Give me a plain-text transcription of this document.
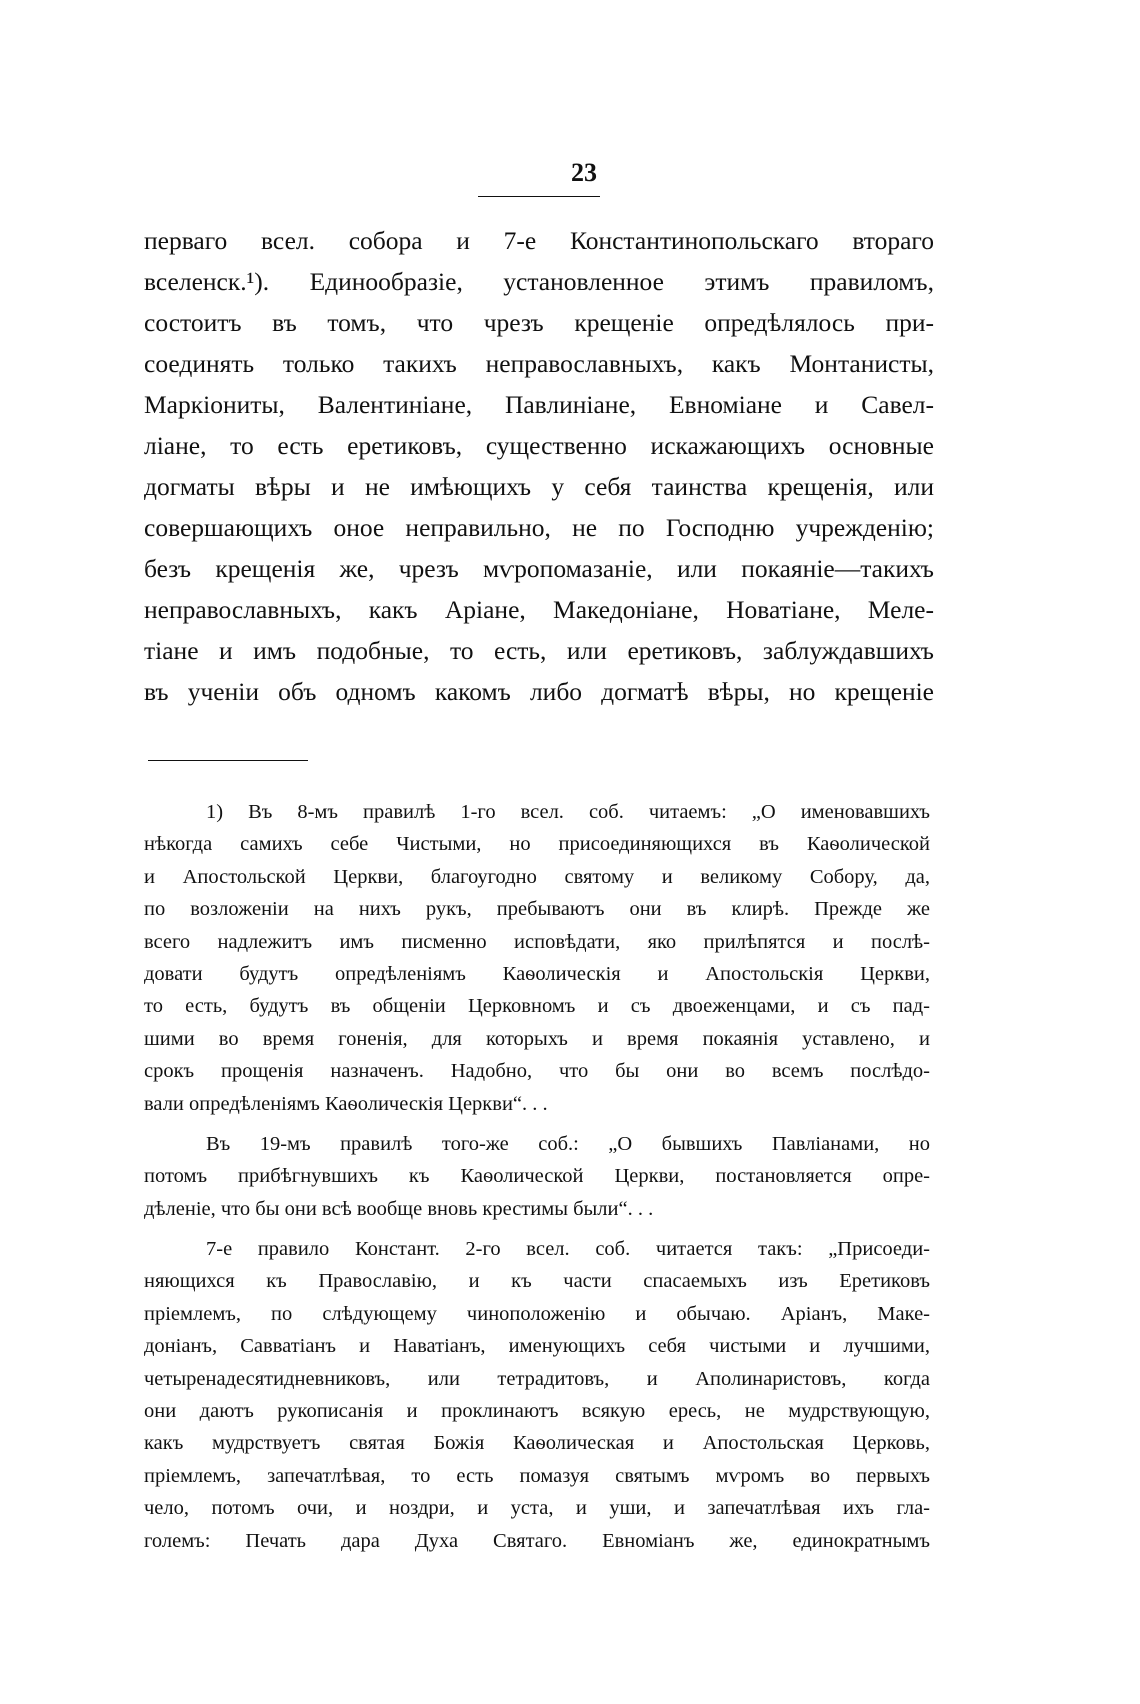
23
перваго всел. собора и 7-е Константинопольскаго втораго
вселенск.¹). Единообразіе, установленное этимъ правиломъ,
состоитъ въ томъ, что чрезъ крещеніе опредѣлялось при-
соединять только такихъ неправославныхъ, какъ Монтанисты,
Маркіониты, Валентиніане, Павлиніане, Евноміане и Савел-
ліане, то есть еретиковъ, существенно искажающихъ основные
догматы вѣры и не имѣющихъ у себя таинства крещенія, или
совершающихъ оное неправильно, не по Господню учрежденію;
безъ крещенія же, чрезъ мѵропомазаніе, или покаяніе—такихъ
неправославныхъ, какъ Аріане, Македоніане, Новатіане, Меле-
тіане и имъ подобные, то есть, или еретиковъ, заблуждавшихъ
въ ученіи объ одномъ какомъ либо догматѣ вѣры, но крещеніе
1) Въ 8-мъ правилѣ 1-го всел. соб. читаемъ: „О именовавшихъ
нѣкогда самихъ себе Чистыми, но присоединяющихся въ Каѳолической
и Апостольской Церкви, благоугодно святому и великому Собору, да,
по возложеніи на нихъ рукъ, пребываютъ они въ клирѣ. Прежде же
всего надлежитъ имъ писменно исповѣдати, яко прилѣпятся и послѣ-
довати будутъ опредѣленіямъ Каѳолическія и Апостольскія Церкви,
то есть, будутъ въ общеніи Церковномъ и съ двоеженцами, и съ пад-
шими во время гоненія, для которыхъ и время покаянія уставлено, и
срокъ прощенія назначенъ. Надобно, что бы они во всемъ послѣдо-
вали опредѣленіямъ Каѳолическія Церкви“. . .
Въ 19-мъ правилѣ того-же соб.: „О бывшихъ Павліанами, но
потомъ прибѣгнувшихъ къ Каѳолической Церкви, постановляется опре-
дѣленіе, что бы они всѣ вообще вновь крестимы были“. . .
7-е правило Констант. 2-го всел. соб. читается такъ: „Присоеди-
няющихся къ Православію, и къ части спасаемыхъ изъ Еретиковъ
пріемлемъ, по слѣдующему чиноположенію и обычаю. Аріанъ, Маке-
доніанъ, Савватіанъ и Наватіанъ, именующихъ себя чистыми и лучшими,
четыренадесятидневниковъ, или тетрадитовъ, и Аполинаристовъ, когда
они даютъ рукописанія и проклинаютъ всякую ересь, не мудрствующую,
какъ мудрствуетъ святая Божія Каѳолическая и Апостольская Церковь,
пріемлемъ, запечатлѣвая, то есть помазуя святымъ мѵромъ во первыхъ
чело, потомъ очи, и ноздри, и уста, и уши, и запечатлѣвая ихъ гла-
големъ: Печать дара Духа Святаго. Евноміанъ же, единократнымъ
